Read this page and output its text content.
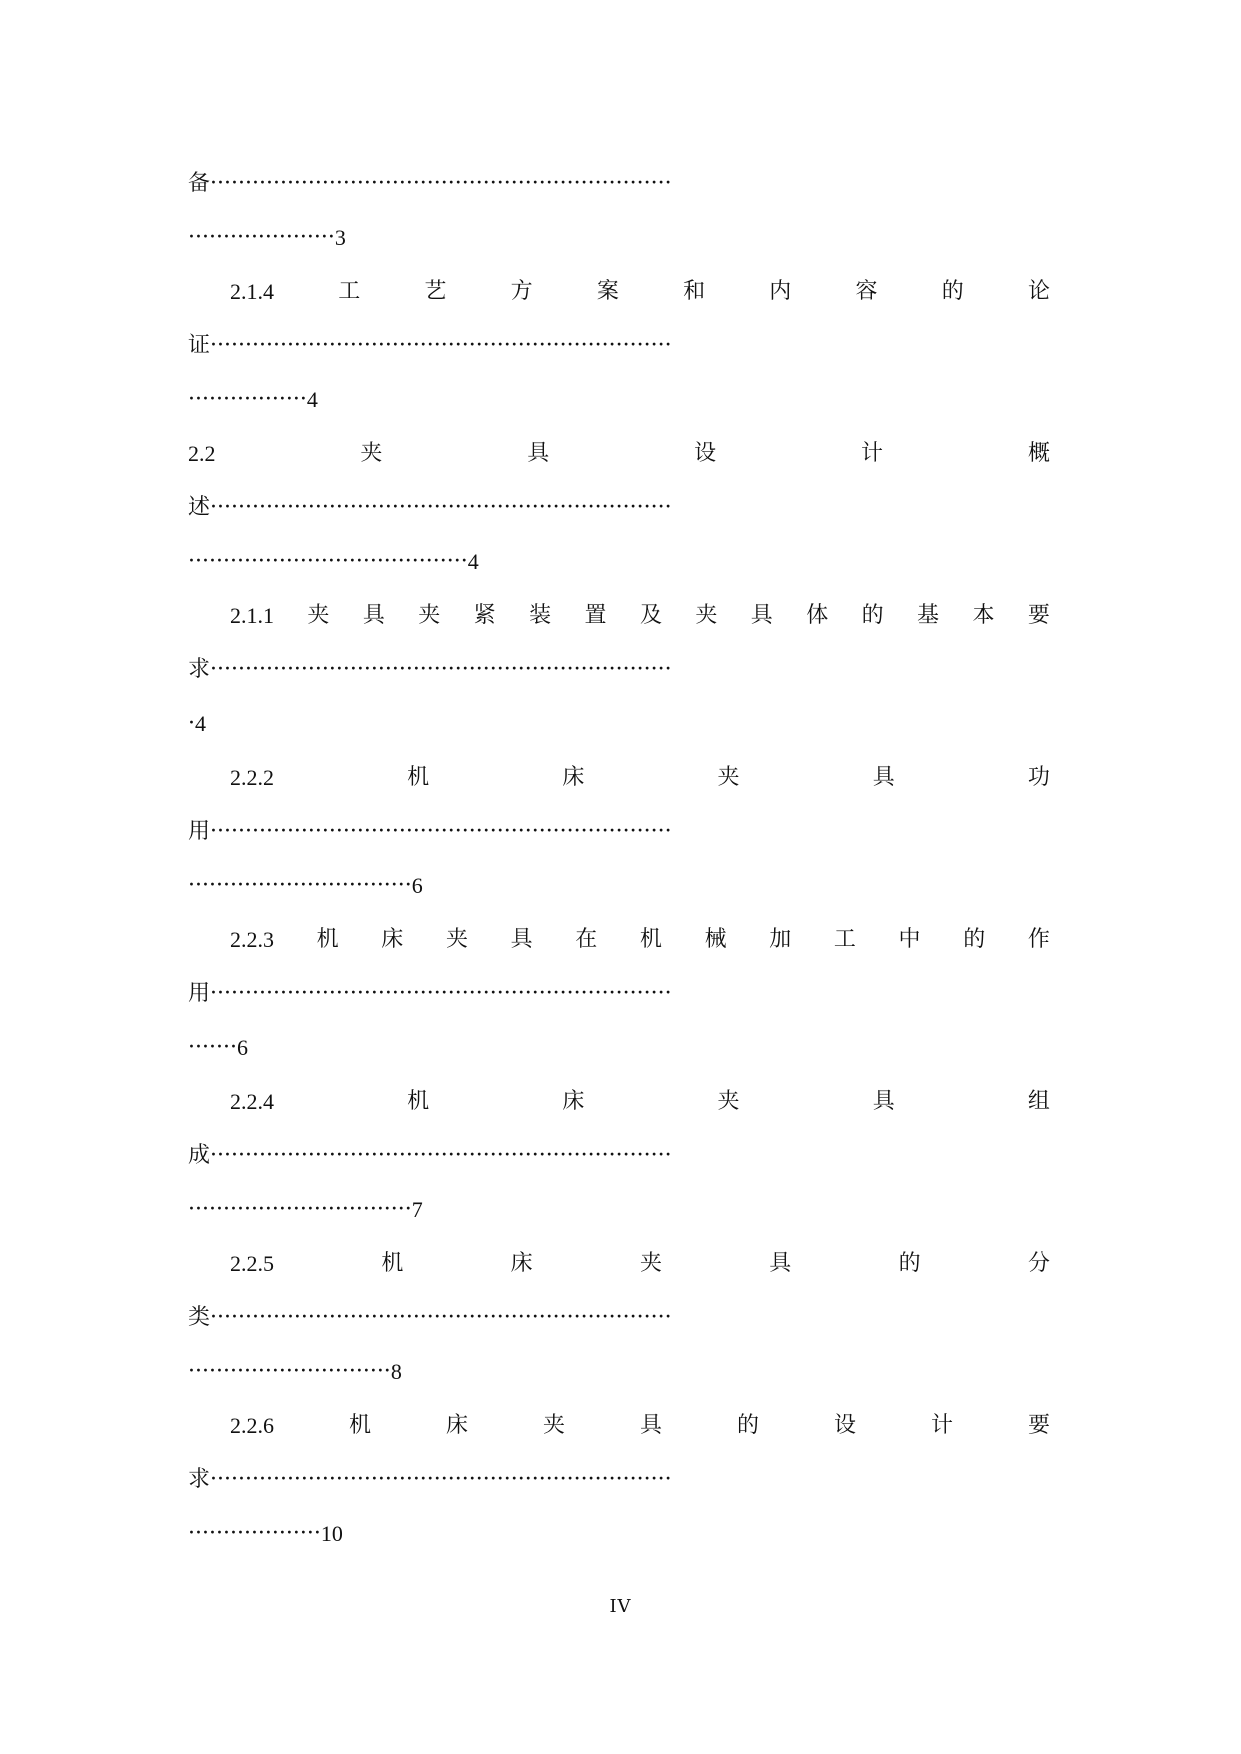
备 ··································································
····················· 3
2.1.4	工	艺	方	案	和	内	容	的	论
证 ··································································
················· 4
2.2	夹	具	设	计	概
述 ··································································
········································ 4
2.1.1 夹 具 夹 紧 装 置 及 夹 具 体 的 基 本 要
求 ··································································
· 4
2.2.2	机	床	夹	具	功
用 ··································································
································ 6
2.2.3 机 床 夹 具 在 机 械 加 工 中 的 作
用 ··································································
······· 6
2.2.4	机	床	夹	具	组
成 ··································································
································ 7
2.2.5	机	床	夹	具	的	分
类 ··································································
····························· 8
2.2.6	机	床	夹	具	的	设	计	要
求 ··································································
··················· 10
IV
